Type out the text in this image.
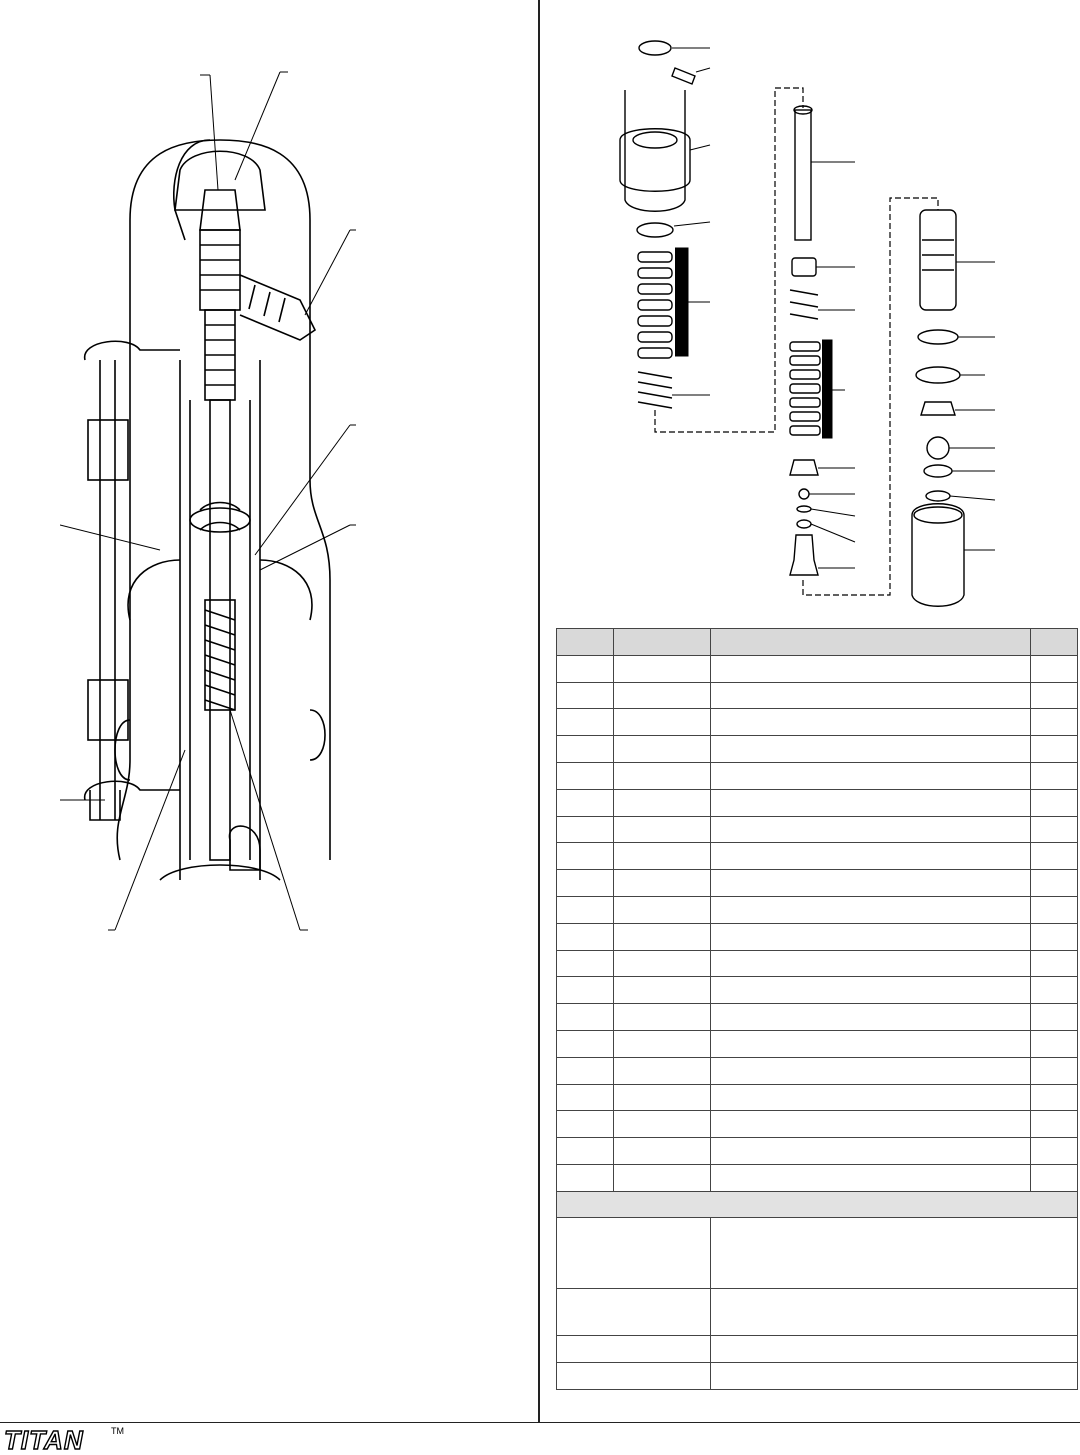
TITAN	TM
